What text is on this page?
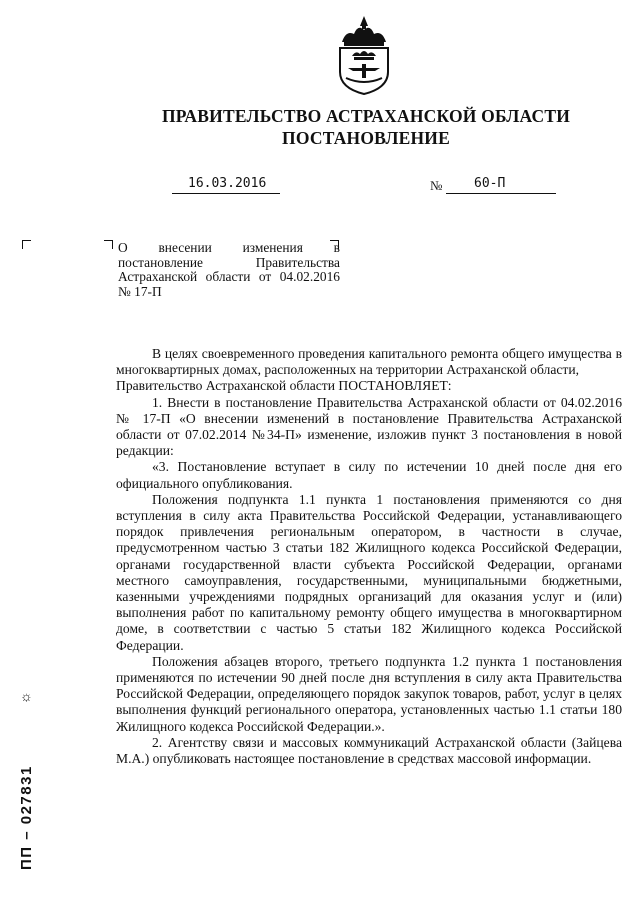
ПРАВИТЕЛЬСТВО АСТРАХАНСКОЙ ОБЛАСТИ
ПОСТАНОВЛЕНИЕ
16.03.2016	№ 60-П
О внесении изменения в постановление Правительства Астраханской области от 04.02.2016 № 17-П

В целях своевременного проведения капитального ремонта общего имущества в многоквартирных домах, расположенных на территории Астраханской области,

Правительство Астраханской области ПОСТАНОВЛЯЕТ:

1. Внести в постановление Правительства Астраханской области от 04.02.2016 № 17-П «О внесении изменений в постановление Правительства Астраханской области от 07.02.2014 №34-П» изменение, изложив пункт 3 постановления в новой редакции:

«3. Постановление вступает в силу по истечении 10 дней после дня его официального опубликования.

Положения подпункта 1.1 пункта 1 постановления применяются со дня вступления в силу акта Правительства Российской Федерации, устанавливающего порядок привлечения региональным оператором, в частности в случае, предусмотренном частью 3 статьи 182 Жилищного кодекса Российской Федерации, органами государственной власти субъекта Российской Федерации, органами местного самоуправления, государственными, муниципальными бюджетными, казенными учреждениями подрядных организаций для оказания услуг и (или) выполнения работ по капитальному ремонту общего имущества в многоквартирном доме, в соответствии с частью 5 статьи 182 Жилищного кодекса Российской Федерации.

Положения абзацев второго, третьего подпункта 1.2 пункта 1 постановления применяются по истечении 90 дней после дня вступления в силу акта Правительства Российской Федерации, определяющего порядок закупок товаров, работ, услуг в целях выполнения функций регионального оператора, установленных частью 1.1 статьи 180 Жилищного кодекса Российской Федерации.».

2. Агентству связи и массовых коммуникаций Астраханской области (Зайцева М.А.) опубликовать настоящее постановление в средствах массовой информации.

☼
ПП – 027831
